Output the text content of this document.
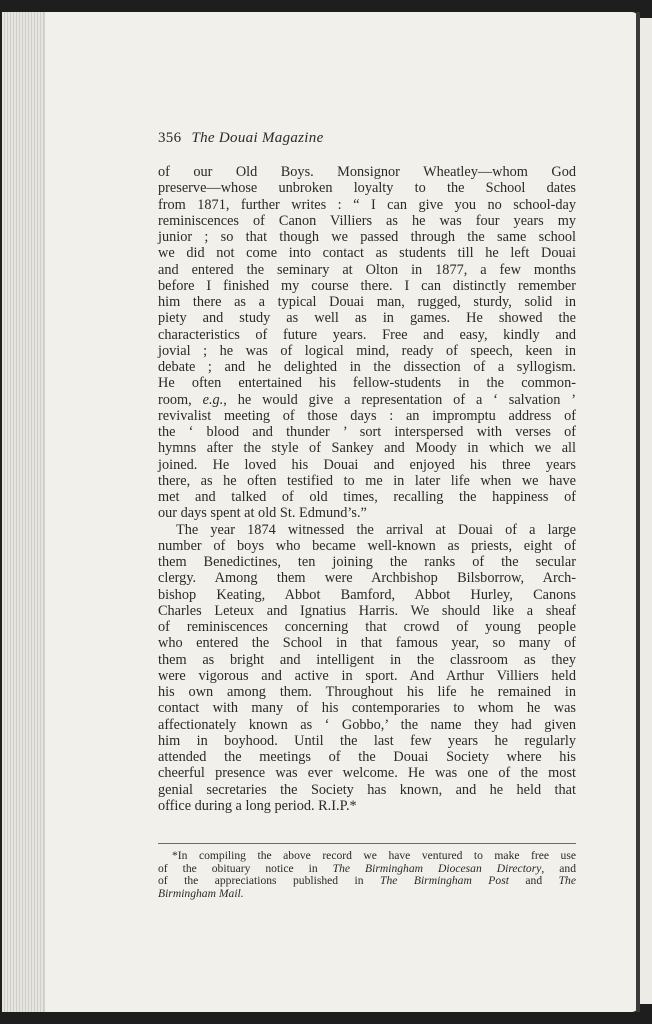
356 The Douai Magazine
of our Old Boys. Monsignor Wheatley—whom God
preserve—whose unbroken loyalty to the School dates
from 1871, further writes : “ I can give you no school-day
reminiscences of Canon Villiers as he was four years my
junior ; so that though we passed through the same school
we did not come into contact as students till he left Douai
and entered the seminary at Olton in 1877, a few months
before I finished my course there. I can distinctly remember
him there as a typical Douai man, rugged, sturdy, solid in
piety and study as well as in games. He showed the
characteristics of future years. Free and easy, kindly and
jovial ; he was of logical mind, ready of speech, keen in
debate ; and he delighted in the dissection of a syllogism.
He often entertained his fellow-students in the common-
room, e.g., he would give a representation of a ‘ salvation ’
revivalist meeting of those days : an impromptu address of
the ‘ blood and thunder ’ sort interspersed with verses of
hymns after the style of Sankey and Moody in which we all
joined. He loved his Douai and enjoyed his three years
there, as he often testified to me in later life when we have
met and talked of old times, recalling the happiness of
our days spent at old St. Edmund’s.”
The year 1874 witnessed the arrival at Douai of a large
number of boys who became well-known as priests, eight of
them Benedictines, ten joining the ranks of the secular
clergy. Among them were Archbishop Bilsborrow, Arch-
bishop Keating, Abbot Bamford, Abbot Hurley, Canons
Charles Leteux and Ignatius Harris. We should like a sheaf
of reminiscences concerning that crowd of young people
who entered the School in that famous year, so many of
them as bright and intelligent in the classroom as they
were vigorous and active in sport. And Arthur Villiers held
his own among them. Throughout his life he remained in
contact with many of his contemporaries to whom he was
affectionately known as ‘ Gobbo,’ the name they had given
him in boyhood. Until the last few years he regularly
attended the meetings of the Douai Society where his
cheerful presence was ever welcome. He was one of the most
genial secretaries the Society has known, and he held that
office during a long period. R.I.P.*
*In compiling the above record we have ventured to make free use
of the obituary notice in The Birmingham Diocesan Directory, and
of the appreciations published in The Birmingham Post and The
Birmingham Mail.
